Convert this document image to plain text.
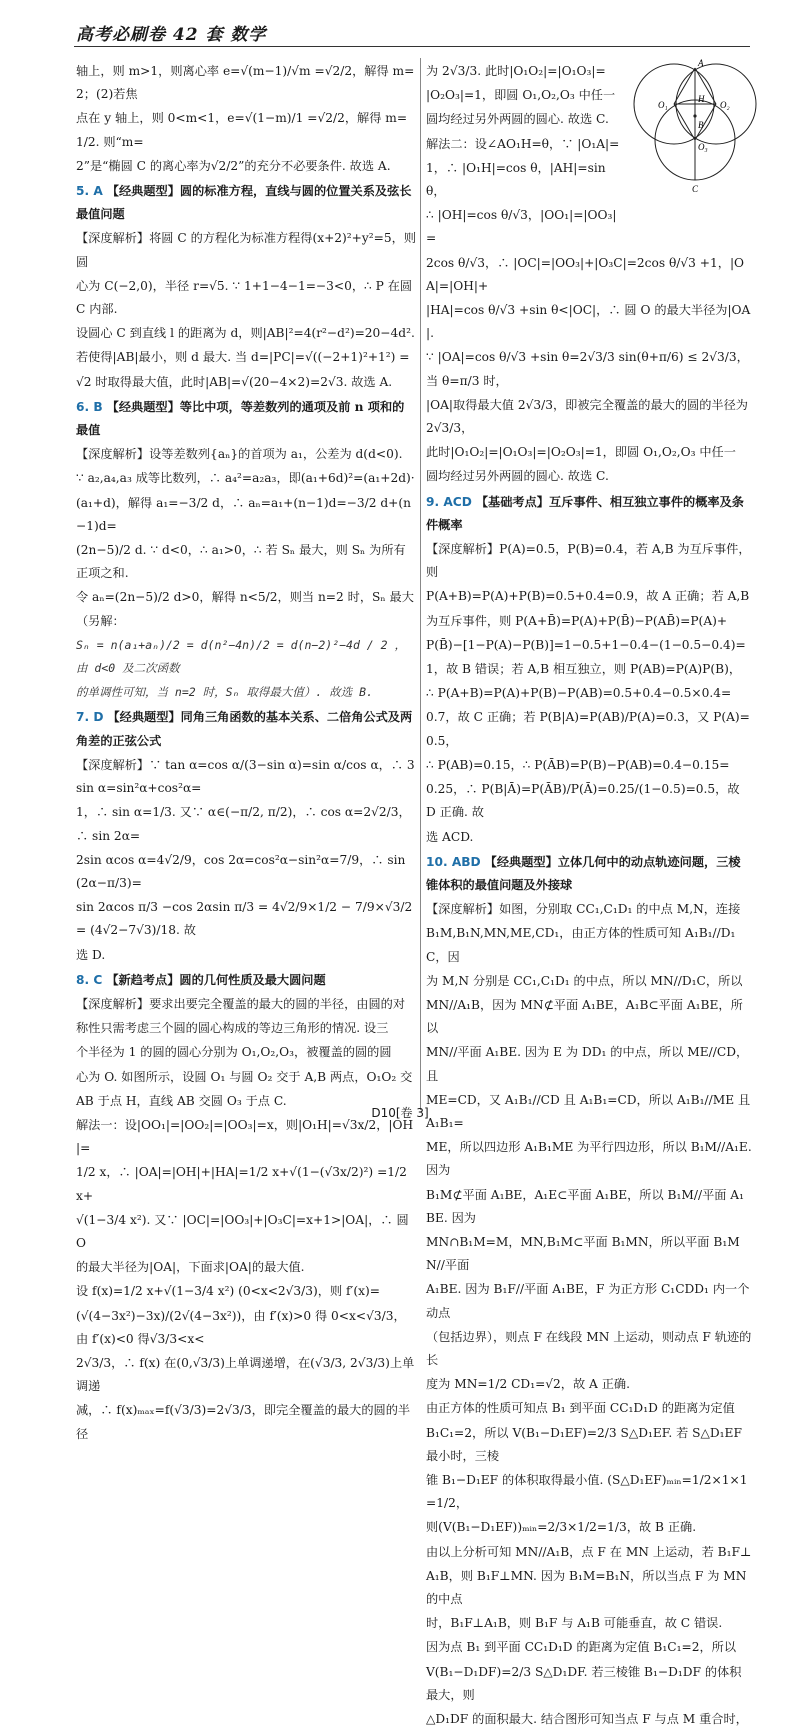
高考必刷卷 42 套 数学
A
H
O₁	O₂
O₃
B
C
轴上，则 m>1，则离心率 e=√(m−1)/√m =√2/2，解得 m=2；(2)若焦
点在 y 轴上，则 0<m<1，e=√(1−m)/1 =√2/2，解得 m=1/2. 则“m=
2”是“椭圆 C 的离心率为√2/2”的充分不必要条件. 故选 A.
5. A 【经典题型】圆的标准方程，直线与圆的位置关系及弦长最值问题
【深度解析】将圆 C 的方程化为标准方程得(x+2)²+y²=5，则圆
心为 C(−2,0)，半径 r=√5. ∵ 1+1−4−1=−3<0，∴ P 在圆 C 内部.
设圆心 C 到直线 l 的距离为 d，则|AB|²=4(r²−d²)=20−4d².
若使得|AB|最小，则 d 最大. 当 d=|PC|=√((−2+1)²+1²) =
√2 时取得最大值，此时|AB|=√(20−4×2)=2√3. 故选 A.
6. B 【经典题型】等比中项，等差数列的通项及前 n 项和的最值
【深度解析】设等差数列{aₙ}的首项为 a₁，公差为 d(d<0).
∵ a₂,a₄,a₃ 成等比数列，∴ a₄²=a₂a₃，即(a₁+6d)²=(a₁+2d)·
(a₁+d)，解得 a₁=−3/2 d，∴ aₙ=a₁+(n−1)d=−3/2 d+(n−1)d=
(2n−5)/2 d. ∵ d<0，∴ a₁>0，∴ 若 Sₙ 最大，则 Sₙ 为所有正项之和.
令 aₙ=(2n−5)/2 d>0，解得 n<5/2，则当 n=2 时，Sₙ 最大（另解：
Sₙ = n(a₁+aₙ)/2 = d(n²−4n)/2 = d(n−2)²−4d / 2 ，由 d<0 及二次函数
的单调性可知，当 n=2 时，Sₙ 取得最大值）. 故选 B.
7. D 【经典题型】同角三角函数的基本关系、二倍角公式及两角差的正弦公式
【深度解析】∵ tan α=cos α/(3−sin α)=sin α/cos α，∴ 3sin α=sin²α+cos²α=
1，∴ sin α=1/3. 又∵ α∈(−π/2, π/2)，∴ cos α=2√2/3，∴ sin 2α=
2sin αcos α=4√2/9，cos 2α=cos²α−sin²α=7/9，∴ sin(2α−π/3)=
sin 2αcos π/3 −cos 2αsin π/3 = 4√2/9×1/2 − 7/9×√3/2 = (4√2−7√3)/18. 故
选 D.
8. C 【新趋考点】圆的几何性质及最大圆问题
【深度解析】要求出要完全覆盖的最大的圆的半径，由圆的对
称性只需考虑三个圆的圆心构成的等边三角形的情况. 设三
个半径为 1 的圆的圆心分别为 O₁,O₂,O₃，被覆盖的圆的圆
心为 O. 如图所示，设圆 O₁ 与圆 O₂ 交于 A,B 两点，O₁O₂ 交
AB 于点 H，直线 AB 交圆 O₃ 于点 C.
解法一：设|OO₁|=|OO₂|=|OO₃|=x，则|O₁H|=√3x/2，|OH|=
1/2 x，∴ |OA|=|OH|+|HA|=1/2 x+√(1−(√3x/2)²) =1/2 x+
√(1−3/4 x²). 又∵ |OC|=|OO₃|+|O₃C|=x+1>|OA|，∴ 圆 O
的最大半径为|OA|，下面求|OA|的最大值.
设 f(x)=1/2 x+√(1−3/4 x²) (0<x<2√3/3)，则 f′(x)=
(√(4−3x²)−3x)/(2√(4−3x²))，由 f′(x)>0 得 0<x<√3/3，由 f′(x)<0 得√3/3<x<
2√3/3，∴ f(x) 在(0,√3/3)上单调递增，在(√3/3, 2√3/3)上单调递
减，∴ f(x)ₘₐₓ=f(√3/3)=2√3/3，即完全覆盖的最大的圆的半径
为 2√3/3. 此时|O₁O₂|=|O₁O₃|=
|O₂O₃|=1，即圆 O₁,O₂,O₃ 中任一
圆均经过另外两圆的圆心. 故选 C.
解法二：设∠AO₁H=θ，∵ |O₁A|=
1，∴ |O₁H|=cos θ，|AH|=sin θ，
∴ |OH|=cos θ/√3，|OO₁|=|OO₃|=
2cos θ/√3，∴ |OC|=|OO₃|+|O₃C|=2cos θ/√3 +1，|OA|=|OH|+
|HA|=cos θ/√3 +sin θ<|OC|，∴ 圆 O 的最大半径为|OA|.
∵ |OA|=cos θ/√3 +sin θ=2√3/3 sin(θ+π/6) ≤ 2√3/3，当 θ=π/3 时，
|OA|取得最大值 2√3/3，即被完全覆盖的最大的圆的半径为 2√3/3，
此时|O₁O₂|=|O₁O₃|=|O₂O₃|=1，即圆 O₁,O₂,O₃ 中任一
圆均经过另外两圆的圆心. 故选 C.
9. ACD 【基础考点】互斥事件、相互独立事件的概率及条件概率
【深度解析】P(A)=0.5，P(B)=0.4，若 A,B 为互斥事件，则
P(A+B)=P(A)+P(B)=0.5+0.4=0.9，故 A 正确；若 A,B
为互斥事件，则 P(A+B̄)=P(A)+P(B̄)−P(AB̄)=P(A)+
P(B̄)−[1−P(A)−P(B)]=1−0.5+1−0.4−(1−0.5−0.4)=
1，故 B 错误；若 A,B 相互独立，则 P(AB)=P(A)P(B)，
∴ P(A+B)=P(A)+P(B)−P(AB)=0.5+0.4−0.5×0.4=
0.7，故 C 正确；若 P(B|A)=P(AB)/P(A)=0.3，又 P(A)=0.5，
∴ P(AB)=0.15，∴ P(ĀB)=P(B)−P(AB)=0.4−0.15=
0.25，∴ P(B|Ā)=P(ĀB)/P(Ā)=0.25/(1−0.5)=0.5，故 D 正确. 故
选 ACD.
10. ABD 【经典题型】立体几何中的动点轨迹问题，三棱锥体积的最值问题及外接球
【深度解析】如图，分别取 CC₁,C₁D₁ 的中点 M,N，连接
B₁M,B₁N,MN,ME,CD₁，由正方体的性质可知 A₁B₁//D₁C，因
为 M,N 分别是 CC₁,C₁D₁ 的中点，所以 MN//D₁C，所以
MN//A₁B，因为 MN⊄平面 A₁BE，A₁B⊂平面 A₁BE，所以
MN//平面 A₁BE. 因为 E 为 DD₁ 的中点，所以 ME//CD，且
ME=CD，又 A₁B₁//CD 且 A₁B₁=CD，所以 A₁B₁//ME 且 A₁B₁=
ME，所以四边形 A₁B₁ME 为平行四边形，所以 B₁M//A₁E. 因为
B₁M⊄平面 A₁BE，A₁E⊂平面 A₁BE，所以 B₁M//平面 A₁BE. 因为
MN∩B₁M=M，MN,B₁M⊂平面 B₁MN，所以平面 B₁MN//平面
A₁BE. 因为 B₁F//平面 A₁BE，F 为正方形 C₁CDD₁ 内一个动点
（包括边界），则点 F 在线段 MN 上运动，则动点 F 轨迹的长
度为 MN=1/2 CD₁=√2，故 A 正确.
由正方体的性质可知点 B₁ 到平面 CC₁D₁D 的距离为定值
B₁C₁=2，所以 V(B₁−D₁EF)=2/3 S△D₁EF. 若 S△D₁EF 最小时，三棱
锥 B₁−D₁EF 的体积取得最小值. (S△D₁EF)ₘᵢₙ=1/2×1×1=1/2，
则(V(B₁−D₁EF))ₘᵢₙ=2/3×1/2=1/3，故 B 正确.
由以上分析可知 MN//A₁B，点 F 在 MN 上运动，若 B₁F⊥
A₁B，则 B₁F⊥MN. 因为 B₁M=B₁N，所以当点 F 为 MN 的中点
时，B₁F⊥A₁B，则 B₁F 与 A₁B 可能垂直，故 C 错误.
因为点 B₁ 到平面 CC₁D₁D 的距离为定值 B₁C₁=2，所以
V(B₁−D₁DF)=2/3 S△D₁DF. 若三棱锥 B₁−D₁DF 的体积最大，则
△D₁DF 的面积最大. 结合图形可知当点 F 与点 M 重合时，
D10[卷 3]
